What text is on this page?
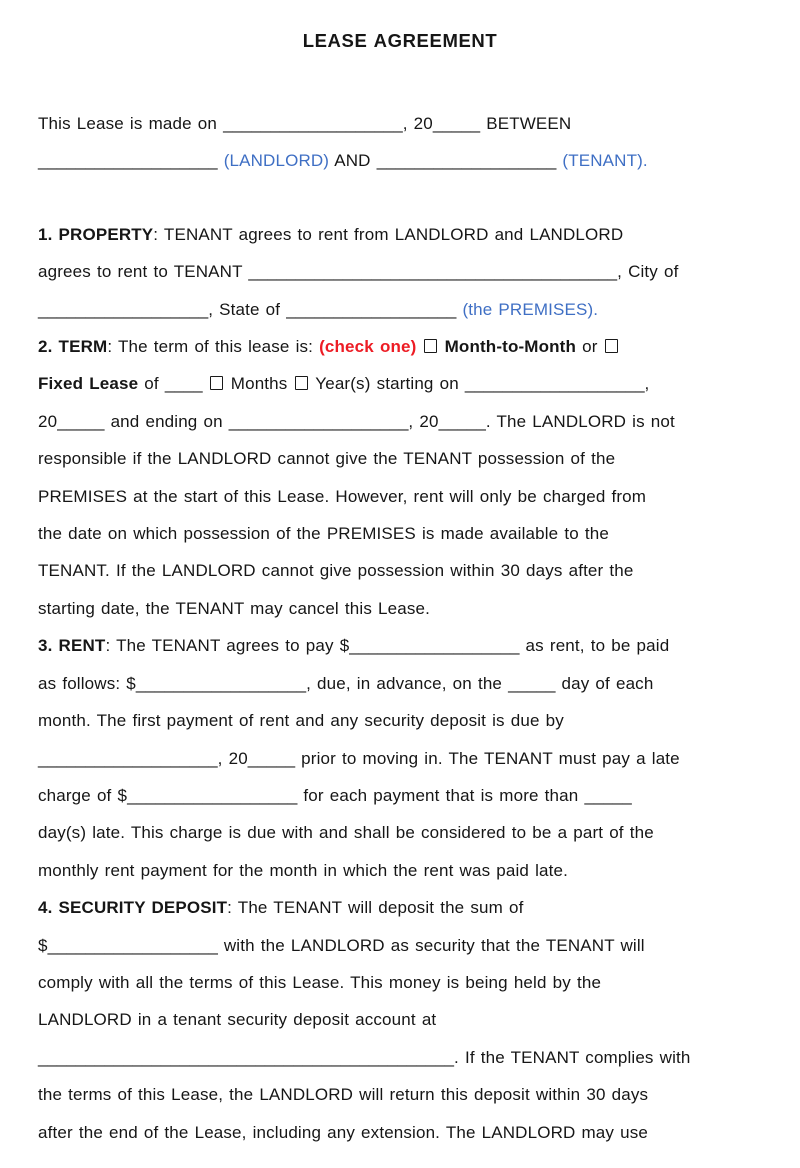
LEASE AGREEMENT
This Lease is made on ___________________, 20_____ BETWEEN
___________________ (LANDLORD) AND ___________________ (TENANT).
1. PROPERTY: TENANT agrees to rent from LANDLORD and LANDLORD
agrees to rent to TENANT _______________________________________, City of
__________________, State of __________________ (the PREMISES).
2. TERM: The term of this lease is: (check one) Month-to-Month or
Fixed Lease of ____  Months  Year(s) starting on ___________________,
20_____ and ending on ___________________, 20_____. The LANDLORD is not
responsible if the LANDLORD cannot give the TENANT possession of the
PREMISES at the start of this Lease. However, rent will only be charged from
the date on which possession of the PREMISES is made available to the
TENANT. If the LANDLORD cannot give possession within 30 days after the
starting date, the TENANT may cancel this Lease.
3. RENT: The TENANT agrees to pay $__________________ as rent, to be paid
as follows: $__________________, due, in advance, on the _____ day of each
month. The first payment of rent and any security deposit is due by
___________________, 20_____ prior to moving in. The TENANT must pay a late
charge of $__________________ for each payment that is more than _____
day(s) late. This charge is due with and shall be considered to be a part of the
monthly rent payment for the month in which the rent was paid late.
4. SECURITY DEPOSIT: The TENANT will deposit the sum of
$__________________ with the LANDLORD as security that the TENANT will
comply with all the terms of this Lease. This money is being held by the
LANDLORD in a tenant security deposit account at
____________________________________________. If the TENANT complies with
the terms of this Lease, the LANDLORD will return this deposit within 30 days
after the end of the Lease, including any extension. The LANDLORD may use
